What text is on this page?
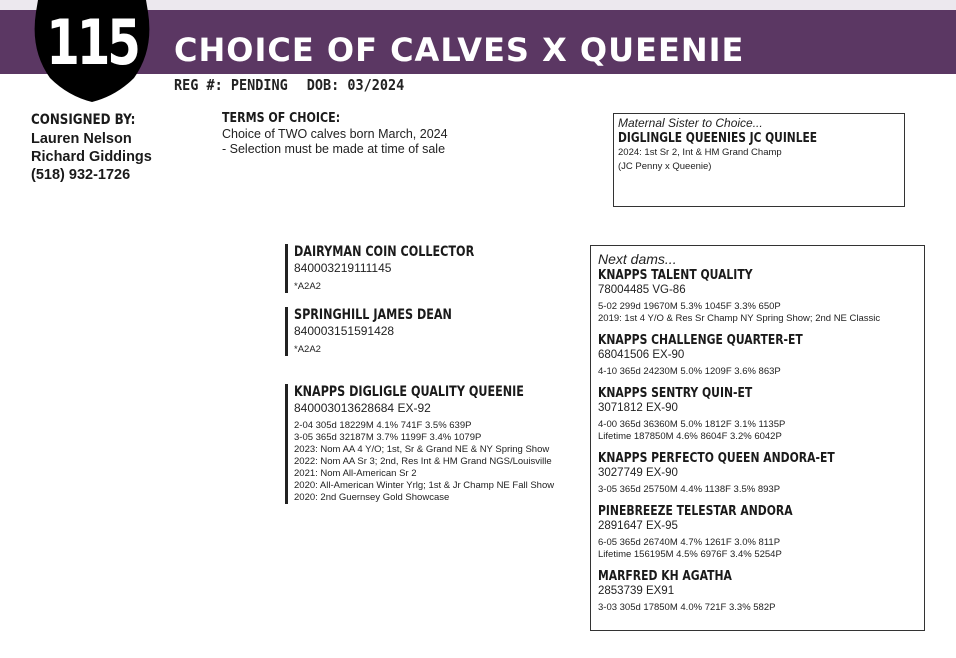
CHOICE OF CALVES X QUEENIE
115
REG #: PENDING DOB: 03/2024
CONSIGNED BY:
Lauren Nelson
Richard Giddings
(518) 932-1726
TERMS OF CHOICE:
Choice of TWO calves born March, 2024
- Selection must be made at time of sale
Maternal Sister to Choice...
DIGLINGLE QUEENIES JC QUINLEE
2024: 1st Sr 2, Int & HM Grand Champ
(JC Penny x Queenie)
DAIRYMAN COIN COLLECTOR
840003219111145
*A2A2
SPRINGHILL JAMES DEAN
840003151591428
*A2A2
KNAPPS DIGLIGLE QUALITY QUEENIE
840003013628684 EX-92
2-04 305d 18229M 4.1% 741F 3.5% 639P
3-05 365d 32187M 3.7% 1199F 3.4% 1079P
2023: Nom AA 4 Y/O; 1st, Sr & Grand NE & NY Spring Show
2022: Nom AA Sr 3; 2nd, Res Int & HM Grand NGS/Louisville
2021: Nom All-American Sr 2
2020: All-American Winter Yrlg; 1st & Jr Champ NE Fall Show
2020: 2nd Guernsey Gold Showcase
Next dams...
KNAPPS TALENT QUALITY
78004485 VG-86
5-02 299d 19670M 5.3% 1045F 3.3% 650P
2019: 1st 4 Y/O & Res Sr Champ NY Spring Show; 2nd NE Classic
KNAPPS CHALLENGE QUARTER-ET
68041506 EX-90
4-10 365d 24230M 5.0% 1209F 3.6% 863P
KNAPPS SENTRY QUIN-ET
3071812 EX-90
4-00 365d 36360M 5.0% 1812F 3.1% 1135P
Lifetime 187850M 4.6% 8604F 3.2% 6042P
KNAPPS PERFECTO QUEEN ANDORA-ET
3027749 EX-90
3-05 365d 25750M 4.4% 1138F 3.5% 893P
PINEBREEZE TELESTAR ANDORA
2891647 EX-95
6-05 365d 26740M 4.7% 1261F 3.0% 811P
Lifetime 156195M 4.5% 6976F 3.4% 5254P
MARFRED KH AGATHA
2853739 EX91
3-03 305d 17850M 4.0% 721F 3.3% 582P
